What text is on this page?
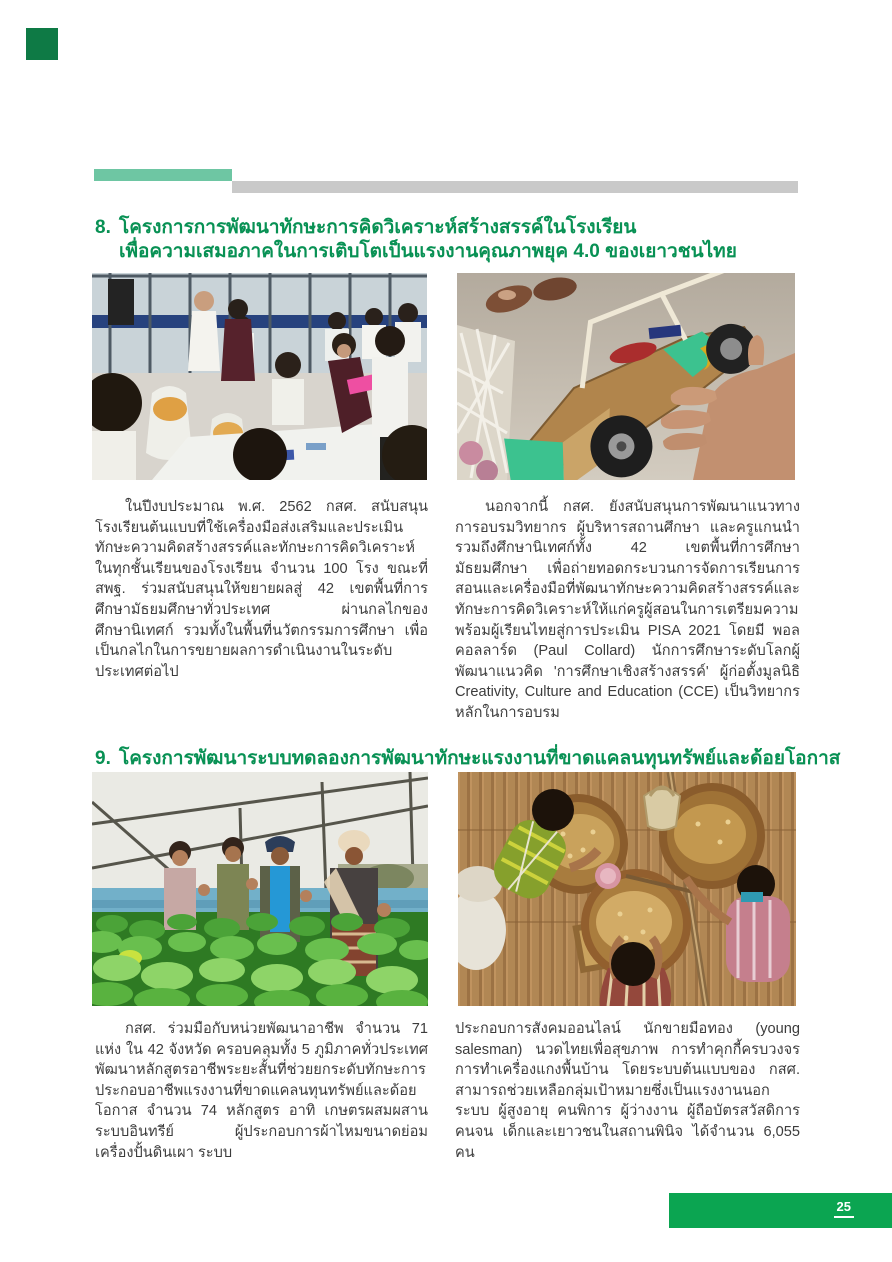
8. โครงการการพัฒนาทักษะการคิดวิเคราะห์สร้างสรรค์ในโรงเรียน
เพื่อความเสมอภาคในการเติบโตเป็นแรงงานคุณภาพยุค 4.0 ของเยาวชนไทย

ในปีงบประมาณ พ.ศ. 2562 กสศ. สนับสนุนโรงเรียนต้นแบบที่ใช้เครื่องมือส่งเสริมและประเมินทักษะความคิดสร้างสรรค์และทักษะการคิดวิเคราะห์ในทุกชั้นเรียนของโรงเรียน จำนวน 100 โรง ขณะที่ สพฐ. ร่วมสนับสนุนให้ขยายผลสู่ 42 เขตพื้นที่การศึกษามัธยมศึกษาทั่วประเทศ ผ่านกลไกของศึกษานิเทศก์ รวมทั้งในพื้นที่นวัตกรรมการศึกษา เพื่อเป็นกลไกในการขยายผลการดำเนินงานในระดับประเทศต่อไป

นอกจากนี้ กสศ. ยังสนับสนุนการพัฒนาแนวทางการอบรมวิทยากร ผู้บริหารสถานศึกษา และครูแกนนำ รวมถึงศึกษานิเทศก์ทั้ง 42 เขตพื้นที่การศึกษามัธยมศึกษา เพื่อถ่ายทอดกระบวนการจัดการเรียนการสอนและเครื่องมือที่พัฒนาทักษะความคิดสร้างสรรค์และทักษะการคิดวิเคราะห์ให้แก่ครูผู้สอนในการเตรียมความพร้อมผู้เรียนไทยสู่การประเมิน PISA 2021 โดยมี พอล คอลลาร์ด (Paul Collard) นักการศึกษาระดับโลกผู้พัฒนาแนวคิด 'การศึกษาเชิงสร้างสรรค์' ผู้ก่อตั้งมูลนิธิ Creativity, Culture and Education (CCE) เป็นวิทยากรหลักในการอบรม

9. โครงการพัฒนาระบบทดลองการพัฒนาทักษะแรงงานที่ขาดแคลนทุนทรัพย์และด้อยโอกาส

กสศ. ร่วมมือกับหน่วยพัฒนาอาชีพ จำนวน 71 แห่ง ใน 42 จังหวัด ครอบคลุมทั้ง 5 ภูมิภาคทั่วประเทศ พัฒนาหลักสูตรอาชีพระยะสั้นที่ช่วยยกระดับทักษะการประกอบอาชีพแรงงานที่ขาดแคลนทุนทรัพย์และด้อยโอกาส จำนวน 74 หลักสูตร อาทิ เกษตรผสมผสานระบบอินทรีย์ ผู้ประกอบการผ้าไหมขนาดย่อม เครื่องปั้นดินเผา ระบบ

ประกอบการสังคมออนไลน์ นักขายมือทอง (young salesman) นวดไทยเพื่อสุขภาพ การทำคุกกี้ครบวงจร การทำเครื่องแกงพื้นบ้าน โดยระบบต้นแบบของ กสศ. สามารถช่วยเหลือกลุ่มเป้าหมายซึ่งเป็นแรงงานนอกระบบ ผู้สูงอายุ คนพิการ ผู้ว่างงาน ผู้ถือบัตรสวัสดิการคนจน เด็กและเยาวชนในสถานพินิจ ได้จำนวน 6,055 คน

25
